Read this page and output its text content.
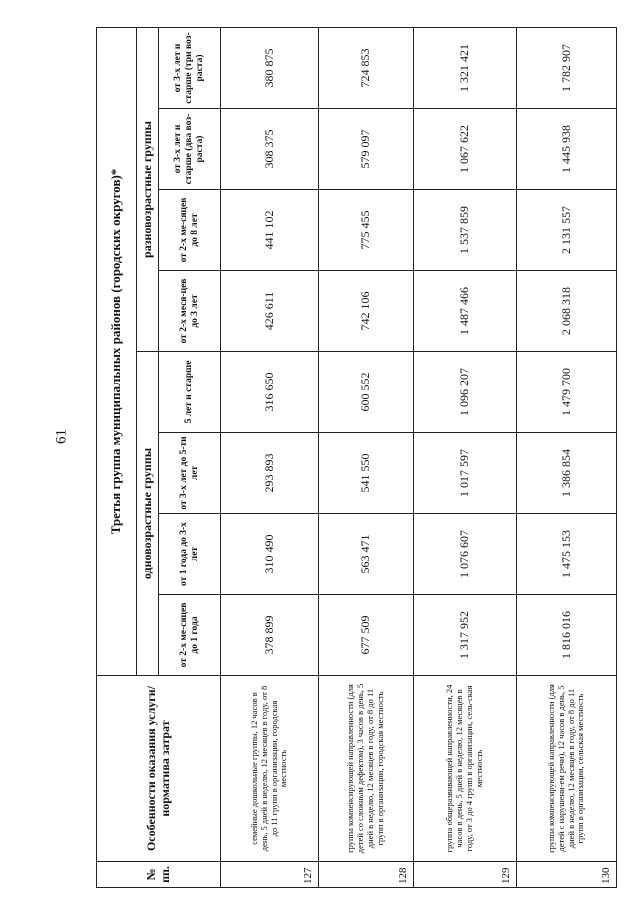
61
№ пп.	Особенности оказания услуги/норматива затрат	Третья группа муниципальных районов (городских округов)*							
		одновозрастные группы				разновозрастные группы			
		от 2-х ме-сяцев до 1 года	от 1 года до 3-х лет	от 3-х лет до 5-ти лет	5 лет и старше	от 2-х меся-цев до 3 лет	от 2-х ме-сяцев до 8 лет	от 3-х лет и старше (два воз-раста)	от 3-х лет и старше (три воз-раста)
127	семейные дошкольные группы, 12 часов в день, 5 дней в неделю, 12 месяцев в году, от 8 до 11 групп в организации, городская местность	378 899	310 490	293 893	316 650	426 611	441 102	308 375	380 875
128	группа компенсирующей направленности (для детей со сложным дефектом), 3 часов в день, 5 дней в неделю, 12 месяцев в году, от 8 до 11 групп в организации, городская местность	677 509	563 471	541 550	600 552	742 106	775 455	579 097	724 853
129	группа общеразвивающей направленности, 24 часов в день, 5 дней в неделю, 12 месяцев в году, от 3 до 4 групп в организации, сель-ская местность	1 317 952	1 076 607	1 017 597	1 096 207	1 487 466	1 537 859	1 067 622	1 321 421
130	группа компенсирующей направленности (для детей с нарушени-ем речи), 12 часов в день, 5 дней в неделю, 12 месяцев в году, от 8 до 11 групп в организации, сельская местность	1 816 016	1 475 153	1 386 854	1 479 700	2 068 318	2 131 557	1 445 938	1 782 907
